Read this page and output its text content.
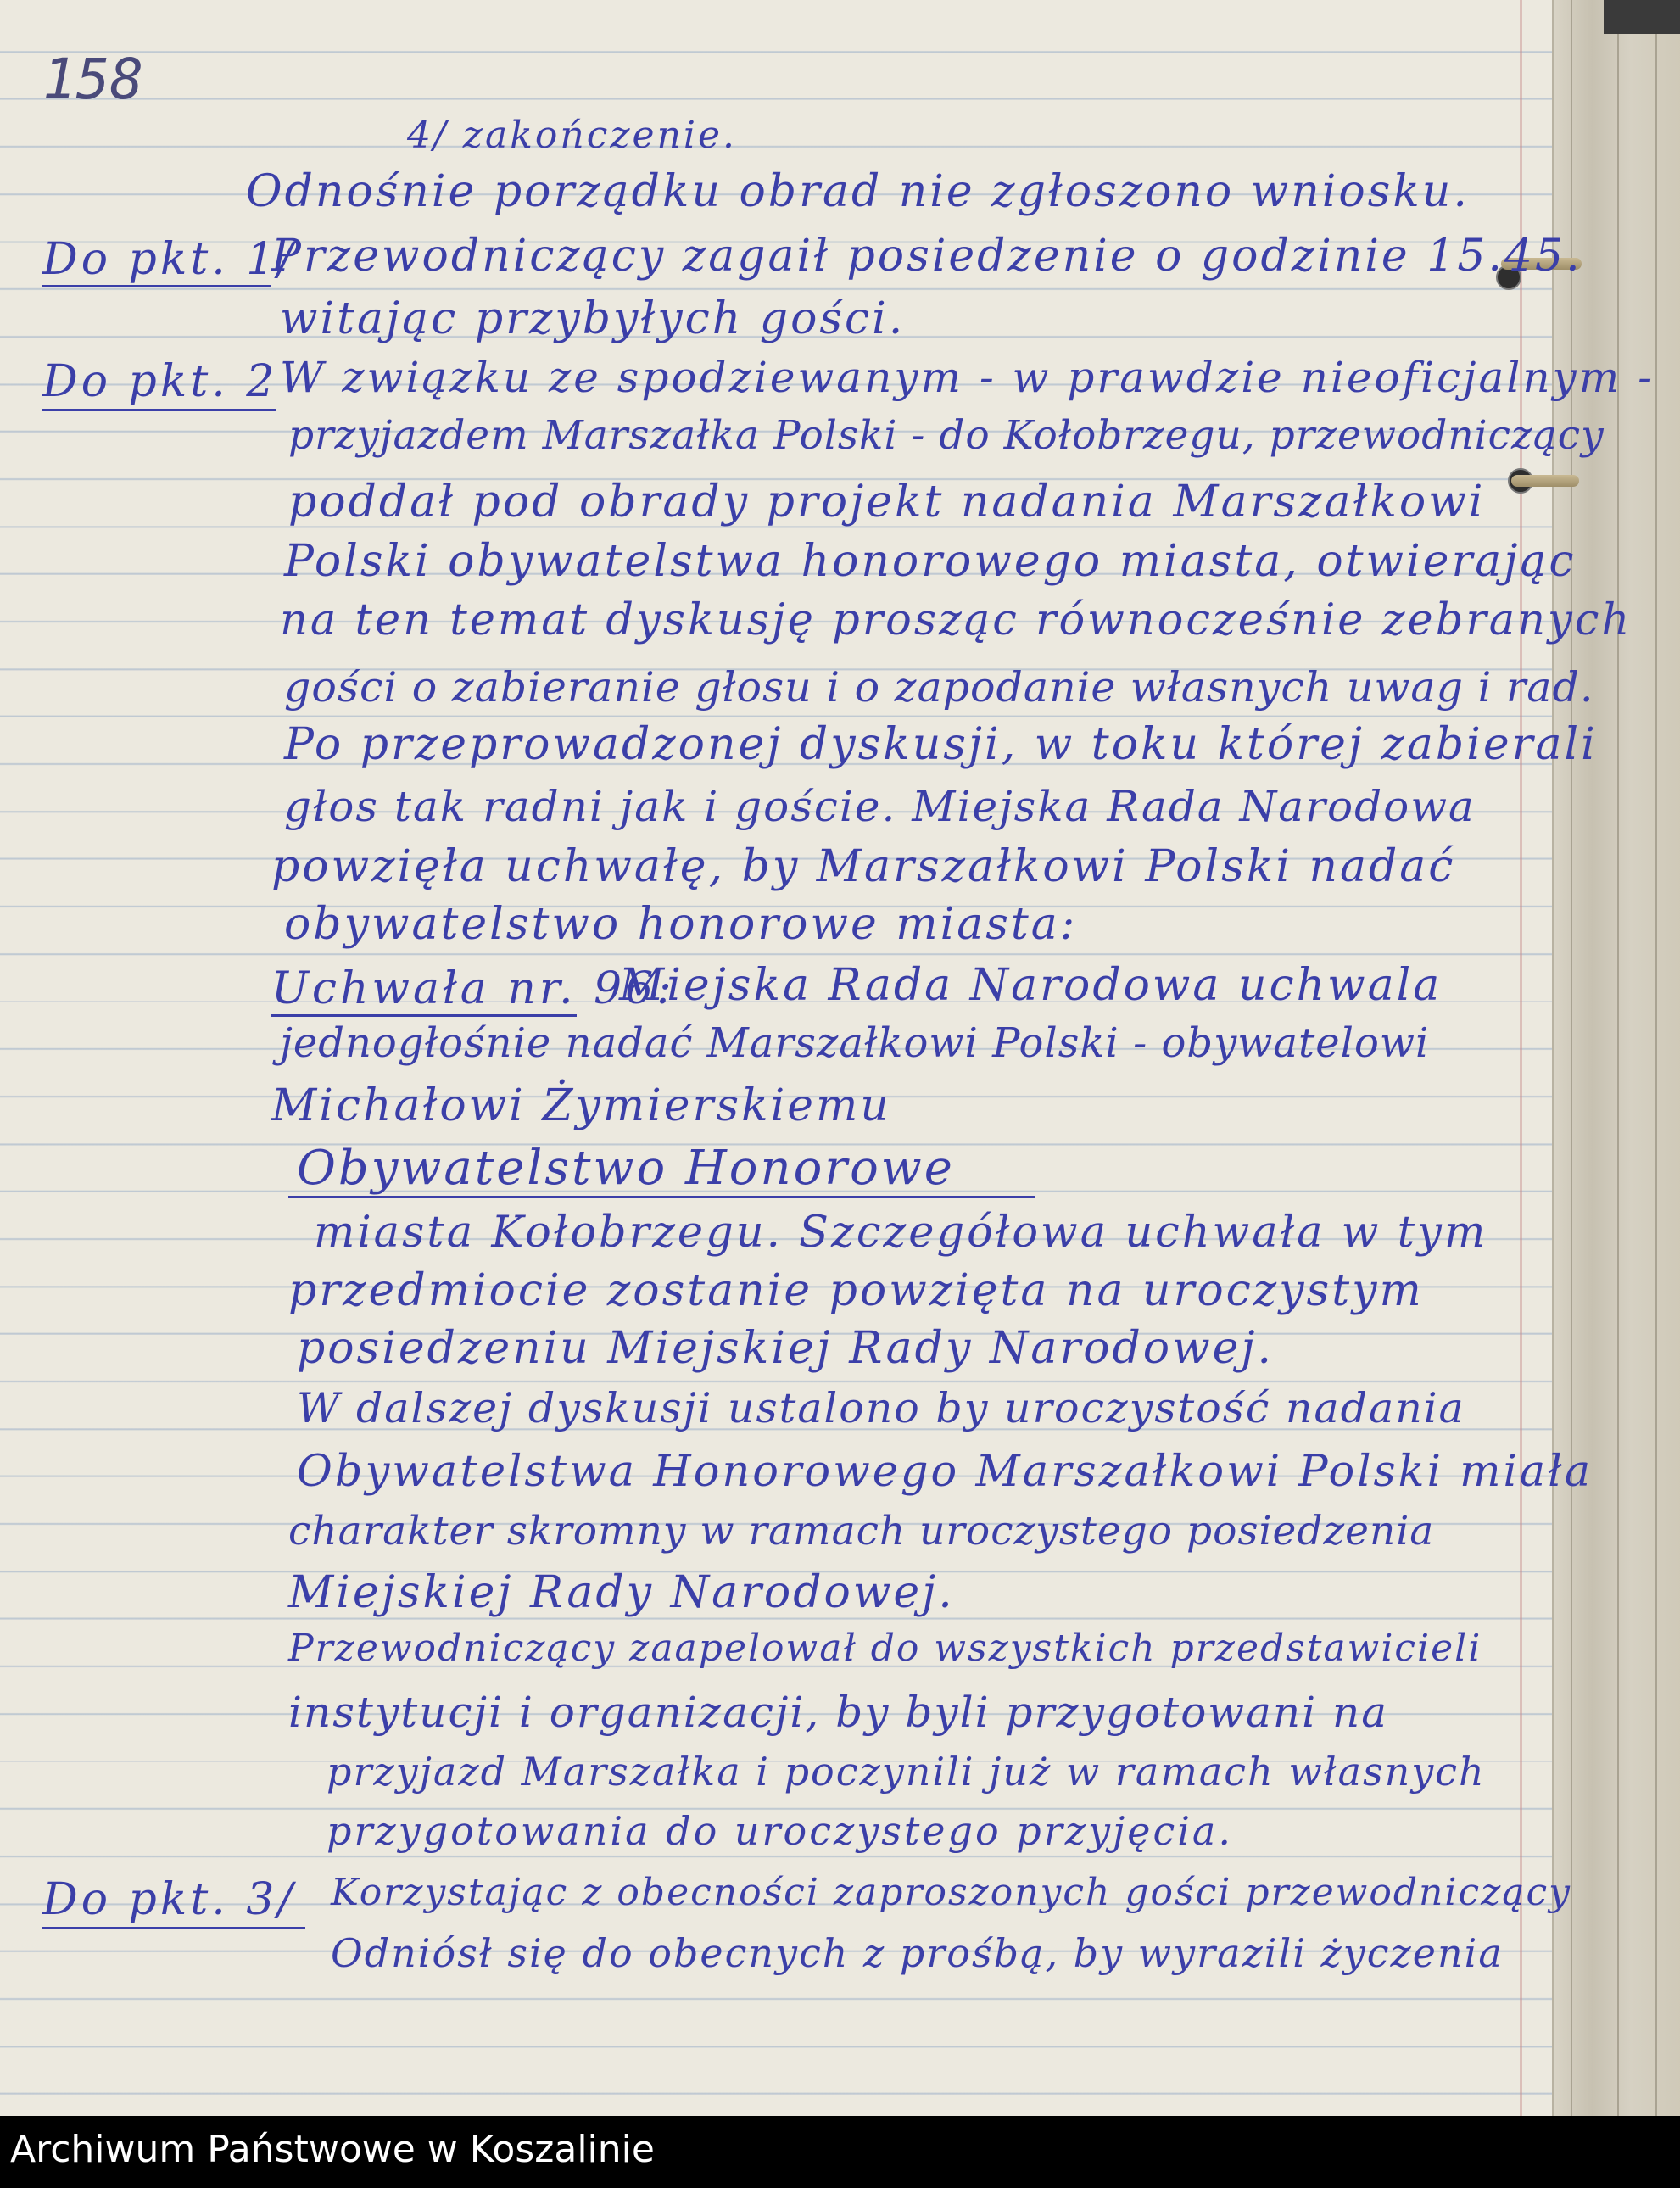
158
4/ zakończenie.
Odnośnie porządku obrad nie zgłoszono wniosku.
Do pkt. 1/
Przewodniczący zagaił posiedzenie o godzinie 15.45.
witając przybyłych gości.
Do pkt. 2 W związku ze spodziewanym - w prawdzie nieoficjalnym -
przyjazdem Marszałka Polski - do Kołobrzegu, przewodniczący
poddał pod obrady projekt nadania Marszałkowi
Polski obywatelstwa honorowego miasta, otwierając
na ten temat dyskusję prosząc równocześnie zebranych
gości o zabieranie głosu i o zapodanie własnych uwag i rad.
Po przeprowadzonej dyskusji, w toku której zabierali
głos tak radni jak i goście. Miejska Rada Narodowa
powzięła uchwałę, by Marszałkowi Polski nadać
obywatelstwo honorowe miasta:
Uchwała nr. 96:
Miejska Rada Narodowa uchwala
jednogłośnie nadać Marszałkowi Polski - obywatelowi
Michałowi Żymierskiemu
Obywatelstwo Honorowe
miasta Kołobrzegu. Szczegółowa uchwała w tym
przedmiocie zostanie powzięta na uroczystym
posiedzeniu Miejskiej Rady Narodowej.
W dalszej dyskusji ustalono by uroczystość nadania
Obywatelstwa Honorowego Marszałkowi Polski miała
charakter skromny w ramach uroczystego posiedzenia
Miejskiej Rady Narodowej.
Przewodniczący zaapelował do wszystkich przedstawicieli
instytucji i organizacji, by byli przygotowani na
przyjazd Marszałka i poczynili już w ramach własnych
przygotowania do uroczystego przyjęcia.
Do pkt. 3/ Korzystając z obecności zaproszonych gości przewodniczący
Odniósł się do obecnych z prośbą, by wyrazili życzenia
Archiwum Państwowe w Koszalinie
